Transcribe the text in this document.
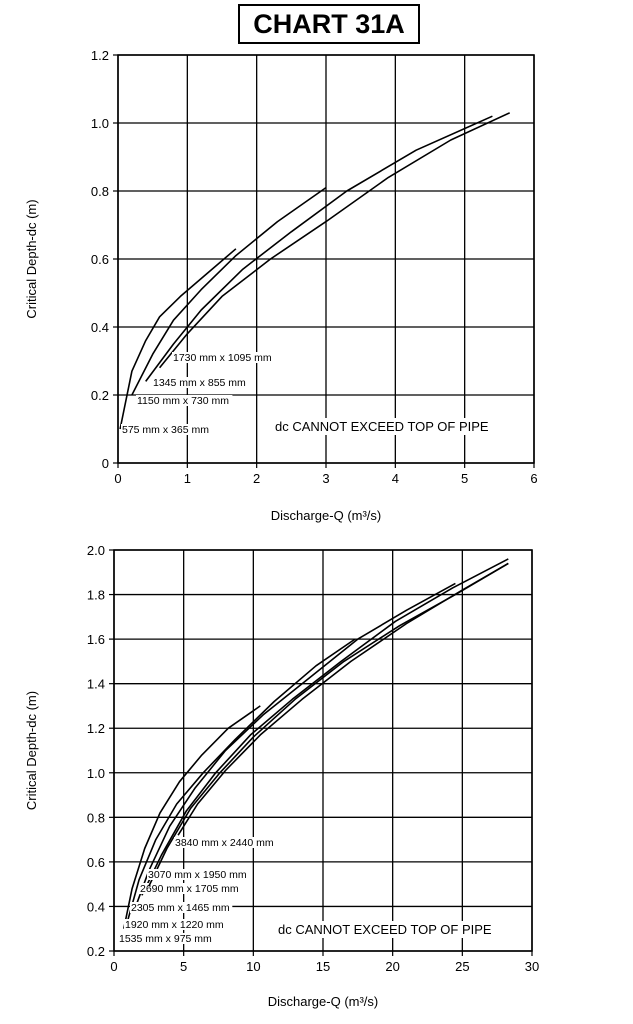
CHART 31A
0	1	2	3	4	5	6
0
0.2
0.4
0.6
0.8
1.0
1.2
Discharge-Q (m³/s)
Critical Depth-dc (m)
575 mm x 365 mm
1150 mm x 730 mm
1345 mm x 855 mm
1730 mm x 1095 mm
dc CANNOT EXCEED TOP OF PIPE
0	5	10	15	20	25	30
0.2
0.4
0.6
0.8
1.0
1.2
1.4
1.6
1.8
2.0
Discharge-Q (m³/s)
Critical Depth-dc (m)
1535 mm x 975 mm
1920 mm x 1220 mm
2305 mm x 1465 mm
2690 mm x 1705 mm
3070 mm x 1950 mm
3840 mm x 2440 mm
dc CANNOT EXCEED TOP OF PIPE
